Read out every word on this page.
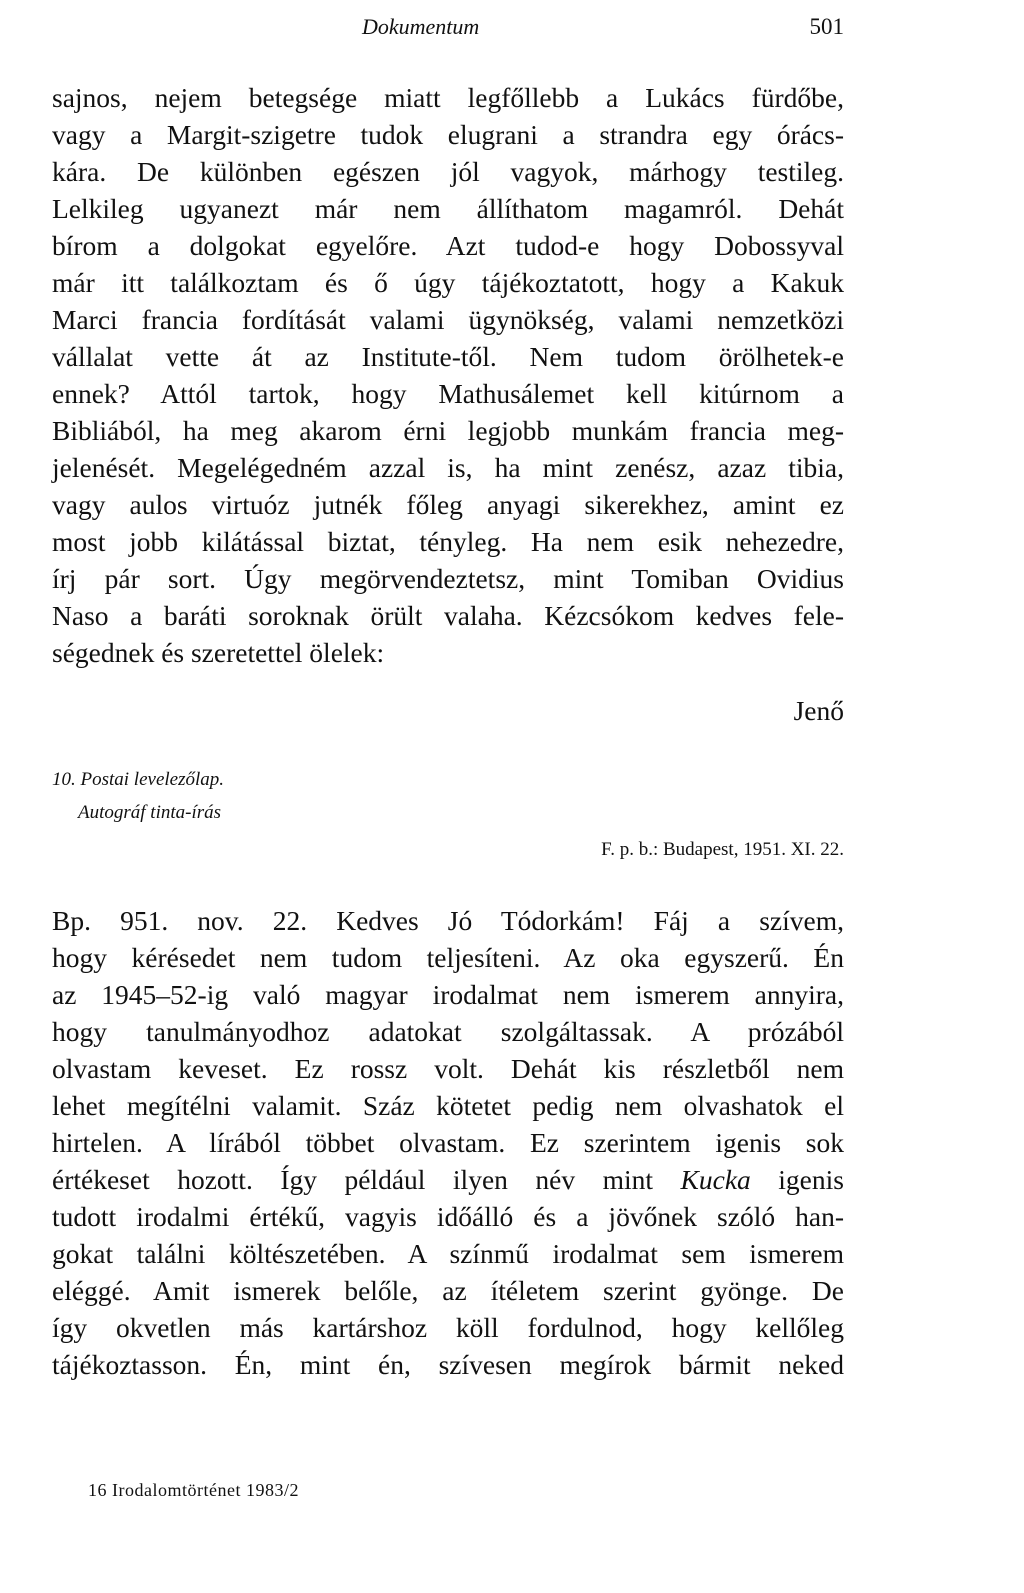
Dokumentum	501
sajnos, nejem betegsége miatt legfőllebb a Lukács fürdőbe,
vagy a Margit-szigetre tudok elugrani a strandra egy órács-
kára. De különben egészen jól vagyok, márhogy testileg.
Lelkileg ugyanezt már nem állíthatom magamról. Dehát
bírom a dolgokat egyelőre. Azt tudod-e hogy Dobossyval
már itt találkoztam és ő úgy tájékoztatott, hogy a Kakuk
Marci francia fordítását valami ügynökség, valami nemzetközi
vállalat vette át az Institute-től. Nem tudom örölhetek-e
ennek? Attól tartok, hogy Mathusálemet kell kitúrnom a
Bibliából, ha meg akarom érni legjobb munkám francia meg-
jelenését. Megelégedném azzal is, ha mint zenész, azaz tibia,
vagy aulos virtuóz jutnék főleg anyagi sikerekhez, amint ez
most jobb kilátással biztat, tényleg. Ha nem esik nehezedre,
írj pár sort. Úgy megörvendeztetsz, mint Tomiban Ovidius
Naso a baráti soroknak örült valaha. Kézcsókom kedves fele-
ségednek és szeretettel ölelek:
Jenő
10. Postai levelezőlap.
Autográf tinta-írás
F. p. b.: Budapest, 1951. XI. 22.
Bp. 951. nov. 22. Kedves Jó Tódorkám! Fáj a szívem,
hogy kérésedet nem tudom teljesíteni. Az oka egyszerű. Én
az 1945–52-ig való magyar irodalmat nem ismerem annyira,
hogy tanulmányodhoz adatokat szolgáltassak. A prózából
olvastam keveset. Ez rossz volt. Dehát kis részletből nem
lehet megítélni valamit. Száz kötetet pedig nem olvashatok el
hirtelen. A lírából többet olvastam. Ez szerintem igenis sok
értékeset hozott. Így például ilyen név mint Kucka igenis
tudott irodalmi értékű, vagyis időálló és a jövőnek szóló han-
gokat találni költészetében. A színmű irodalmat sem ismerem
eléggé. Amit ismerek belőle, az ítéletem szerint gyönge. De
így okvetlen más kartárshoz köll fordulnod, hogy kellőleg
tájékoztasson. Én, mint én, szívesen megírok bármit neked
16 Irodalomtörténet 1983/2
